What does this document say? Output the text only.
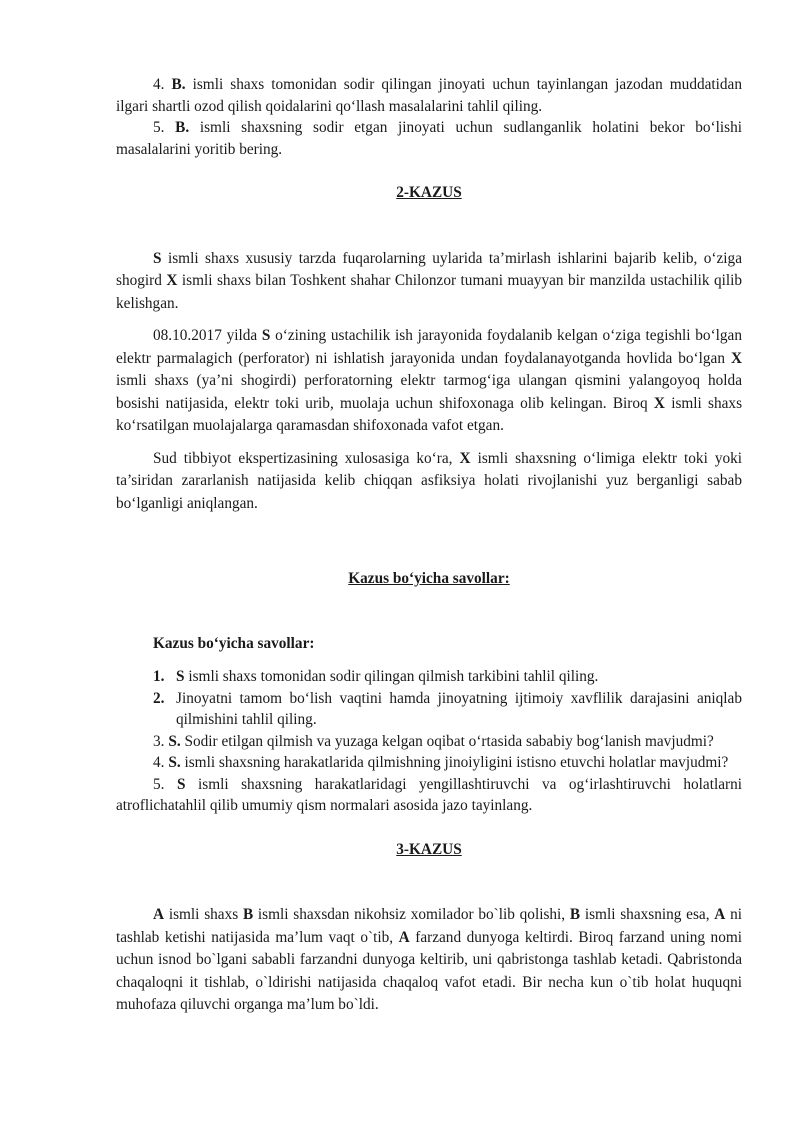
4. B. ismli shaxs tomonidan sodir qilingan jinoyati uchun tayinlangan jazodan muddatidan ilgari shartli ozod qilish qoidalarini qo‘llash masalalarini tahlil qiling.

5. B. ismli shaxsning sodir etgan jinoyati uchun sudlanganlik holatini bekor bo‘lishi masalalarini yoritib bering.

2-KAZUS

S ismli shaxs xususiy tarzda fuqarolarning uylarida ta’mirlash ishlarini bajarib kelib, o‘ziga shogird X ismli shaxs bilan Toshkent shahar Chilonzor tumani muayyan bir manzilda ustachilik qilib kelishgan.

08.10.2017 yilda S o‘zining ustachilik ish jarayonida foydalanib kelgan o‘ziga tegishli bo‘lgan elektr parmalagich (perforator) ni ishlatish jarayonida undan foydalanayotganda hovlida bo‘lgan X ismli shaxs (ya’ni shogirdi) perforatorning elektr tarmog‘iga ulangan qismini yalangoyoq holda bosishi natijasida, elektr toki urib, muolaja uchun shifoxonaga olib kelingan. Biroq X ismli shaxs ko‘rsatilgan muolajalarga qaramasdan shifoxonada vafot etgan.

Sud tibbiyot ekspertizasining xulosasiga ko‘ra, X ismli shaxsning o‘limiga elektr toki yoki ta’siridan zararlanish natijasida kelib chiqqan asfiksiya holati rivojlanishi yuz berganligi sabab bo‘lganligi aniqlangan.

Kazus bo‘yicha savollar:

Kazus bo‘yicha savollar:

1. S ismli shaxs tomonidan sodir qilingan qilmish tarkibini tahlil qiling.
2. Jinoyatni tamom bo‘lish vaqtini hamda jinoyatning ijtimoiy xavflilik darajasini aniqlab qilmishini tahlil qiling.

3. S. Sodir etilgan qilmish va yuzaga kelgan oqibat o‘rtasida sababiy bog‘lanish mavjudmi?

4. S. ismli shaxsning harakatlarida qilmishning jinoiyligini istisno etuvchi holatlar mavjudmi?

5. S ismli shaxsning harakatlaridagi yengillashtiruvchi va og‘irlashtiruvchi holatlarni atroflichatahlil qilib umumiy qism normalari asosida jazo tayinlang.

3-KAZUS

A ismli shaxs B ismli shaxsdan nikohsiz xomilador bo`lib qolishi, B ismli shaxsning esa, A ni tashlab ketishi natijasida ma’lum vaqt o`tib, A farzand dunyoga keltirdi. Biroq farzand uning nomi uchun isnod bo`lgani sababli farzandni dunyoga keltirib, uni qabristonga tashlab ketadi. Qabristonda chaqaloqni it tishlab, o`ldirishi natijasida chaqaloq vafot etadi. Bir necha kun o`tib holat huquqni muhofaza qiluvchi organga ma’lum bo`ldi.
